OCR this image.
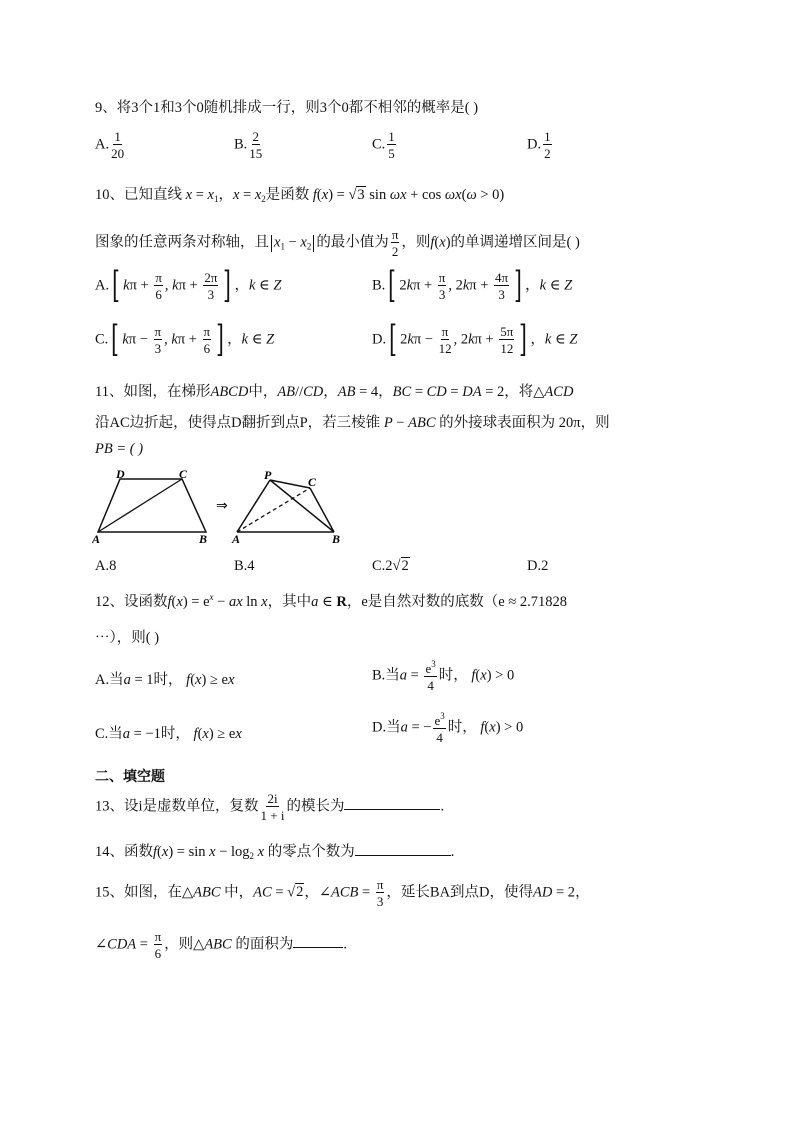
9、将3个1和3个0随机排成一行，则3个0都不相邻的概率是( )
A. $\frac{1}{20}$	B. $\frac{2}{15}$	C. $\frac{1}{5}$	D. $\frac{1}{2}$
10、已知直线 $x = x_1$，$x = x_2$是函数 f(x) = √3 sin ωx + cos ωx(ω > 0)
图象的任意两条对称轴，且 $x_1 - x_2$ 的最小值为 $\frac{\pi}{2}$ ，则f(x)的单调递增区间是( )
A.[ $k\pi + \frac{\pi}{6}$ , $k\pi + \frac{2\pi}{3}$ ] ，k ∈ Z	B.[ $2k\pi + \frac{\pi}{3}$ , $2k\pi + \frac{4\pi}{3}$ ] ，k ∈ Z
C.[ $k\pi - \frac{\pi}{3}$ , $k\pi + \frac{\pi}{6}$ ] ，k ∈ Z	D.[ $2k\pi - \frac{\pi}{12}$ , $2k\pi + \frac{5\pi}{12}$ ] ，k ∈ Z
11、如图，在梯形ABCD中，AB//CD，AB = 4，BC = CD = DA = 2，将△ACD
沿AC边折起，使得点D翻折到点P，若三棱锥 P − ABC 的外接球表面积为 20π，则
PB = ( )
D	C
A	B
⇒
P	C
A	B
A.8	B.4	C.2√2	D.2
12、设函数$f(x) = e^x$ − ax ln x，其中a ∈ R，e是自然对数的底数（e ≈ 2.71828
⋯），则( )
A.当a = 1时， f(x) ≥ ex	B.当$a = \frac{e^3}{4}$ 时， f(x) > 0
C.当a = −1时， f(x) ≥ ex	D.当a = − $\frac{e^3}{4}$ 时， f(x) > 0
二、填空题
13、设i是虚数单位，复数 $\frac{2i}{1 + i}$ 的模长为	.
14、函数$f(x) = \sin x - \log_2 x$ 的零点个数为	.
15、如图，在△ABC 中，AC = √2，∠ACB = $\frac{\pi}{3}$ ，延长BA到点D，使得AD = 2，
∠CDA = $\frac{\pi}{6}$ ，则△ABC 的面积为	.
